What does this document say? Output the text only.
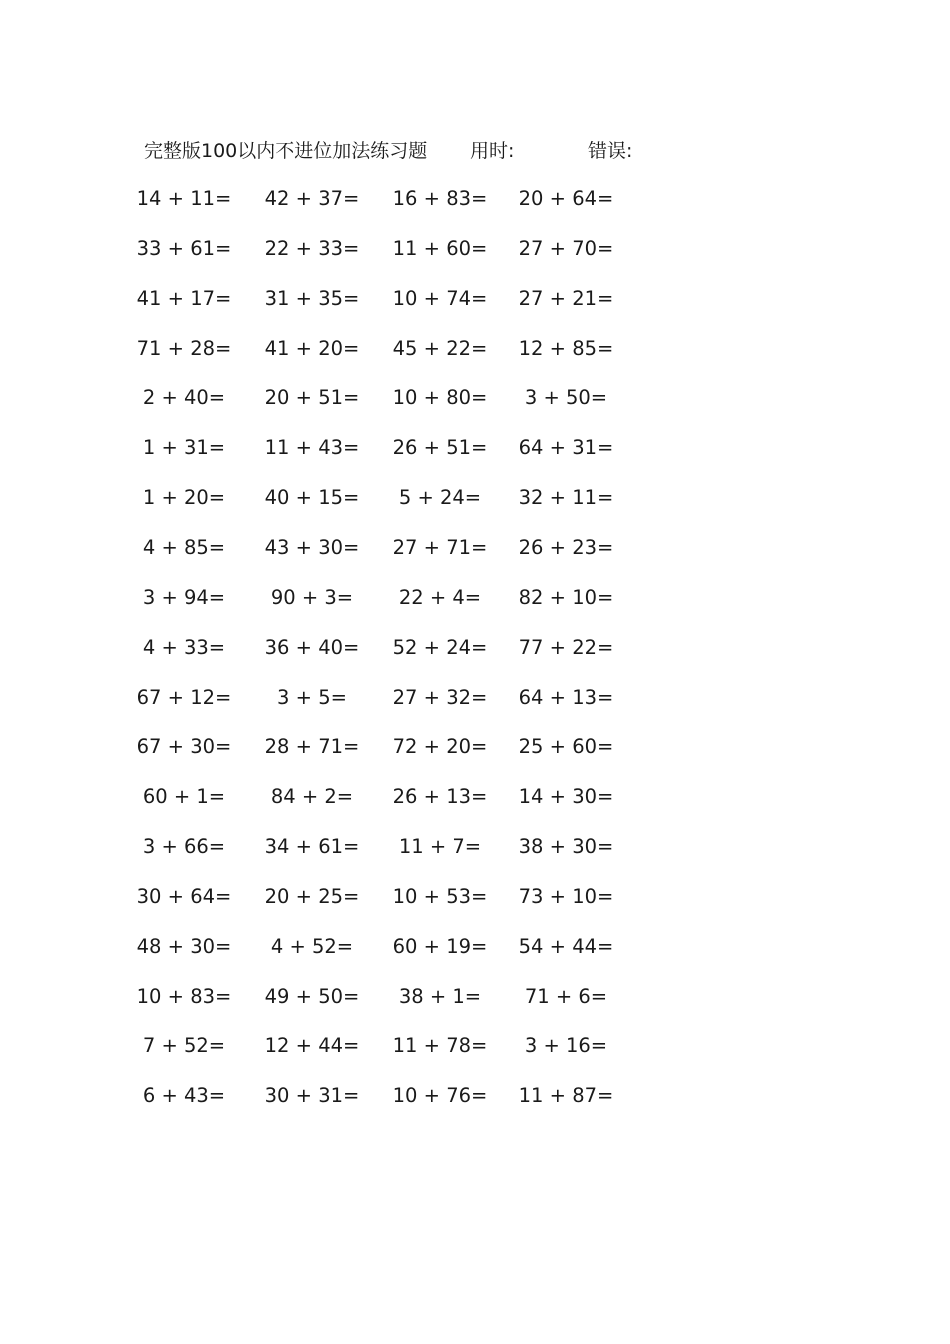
完整版100以内不进位加法练习题 用时:	错误:
14 + 11=	42 + 37=	16 + 83=	20 + 64=
33 + 61=	22 + 33=	11 + 60=	27 + 70=
41 + 17=	31 + 35=	10 + 74=	27 + 21=
71 + 28=	41 + 20=	45 + 22=	12 + 85=
2 + 40=	20 + 51=	10 + 80=	3 + 50=
1 + 31=	11 + 43=	26 + 51=	64 + 31=
1 + 20=	40 + 15=	5 + 24=	32 + 11=
4 + 85=	43 + 30=	27 + 71=	26 + 23=
3 + 94=	90 + 3=	22 + 4=	82 + 10=
4 + 33=	36 + 40=	52 + 24=	77 + 22=
67 + 12=	3 + 5=	27 + 32=	64 + 13=
67 + 30=	28 + 71=	72 + 20=	25 + 60=
60 + 1=	84 + 2=	26 + 13=	14 + 30=
3 + 66=	34 + 61=	11 + 7=	38 + 30=
30 + 64=	20 + 25=	10 + 53=	73 + 10=
48 + 30=	4 + 52=	60 + 19=	54 + 44=
10 + 83=	49 + 50=	38 + 1=	71 + 6=
7 + 52=	12 + 44=	11 + 78=	3 + 16=
6 + 43=	30 + 31=	10 + 76=	11 + 87=
